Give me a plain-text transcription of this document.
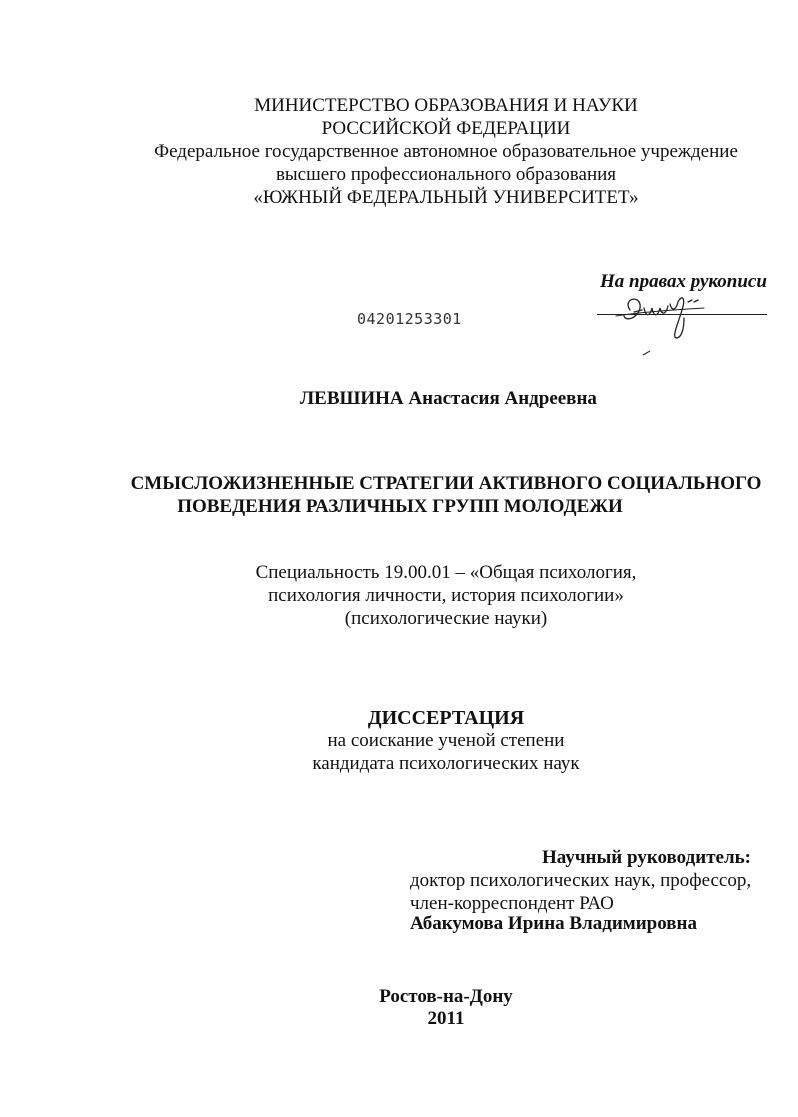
МИНИСТЕРСТВО ОБРАЗОВАНИЯ И НАУКИ
РОССИЙСКОЙ ФЕДЕРАЦИИ
Федеральное государственное автономное образовательное учреждение
высшего профессионального образования
«ЮЖНЫЙ ФЕДЕРАЛЬНЫЙ УНИВЕРСИТЕТ»
На правах рукописи
04201253301
ЛЕВШИНА Анастасия Андреевна
СМЫСЛОЖИЗНЕННЫЕ СТРАТЕГИИ АКТИВНОГО СОЦИАЛЬНОГО
ПОВЕДЕНИЯ РАЗЛИЧНЫХ ГРУПП МОЛОДЕЖИ
Специальность 19.00.01 – «Общая психология,
психология личности, история психологии»
(психологические науки)
ДИССЕРТАЦИЯ
на соискание ученой степени
кандидата психологических наук
Научный руководитель:
доктор психологических наук, профессор,
член-корреспондент РАО
Абакумова Ирина Владимировна
Ростов-на-Дону
2011
